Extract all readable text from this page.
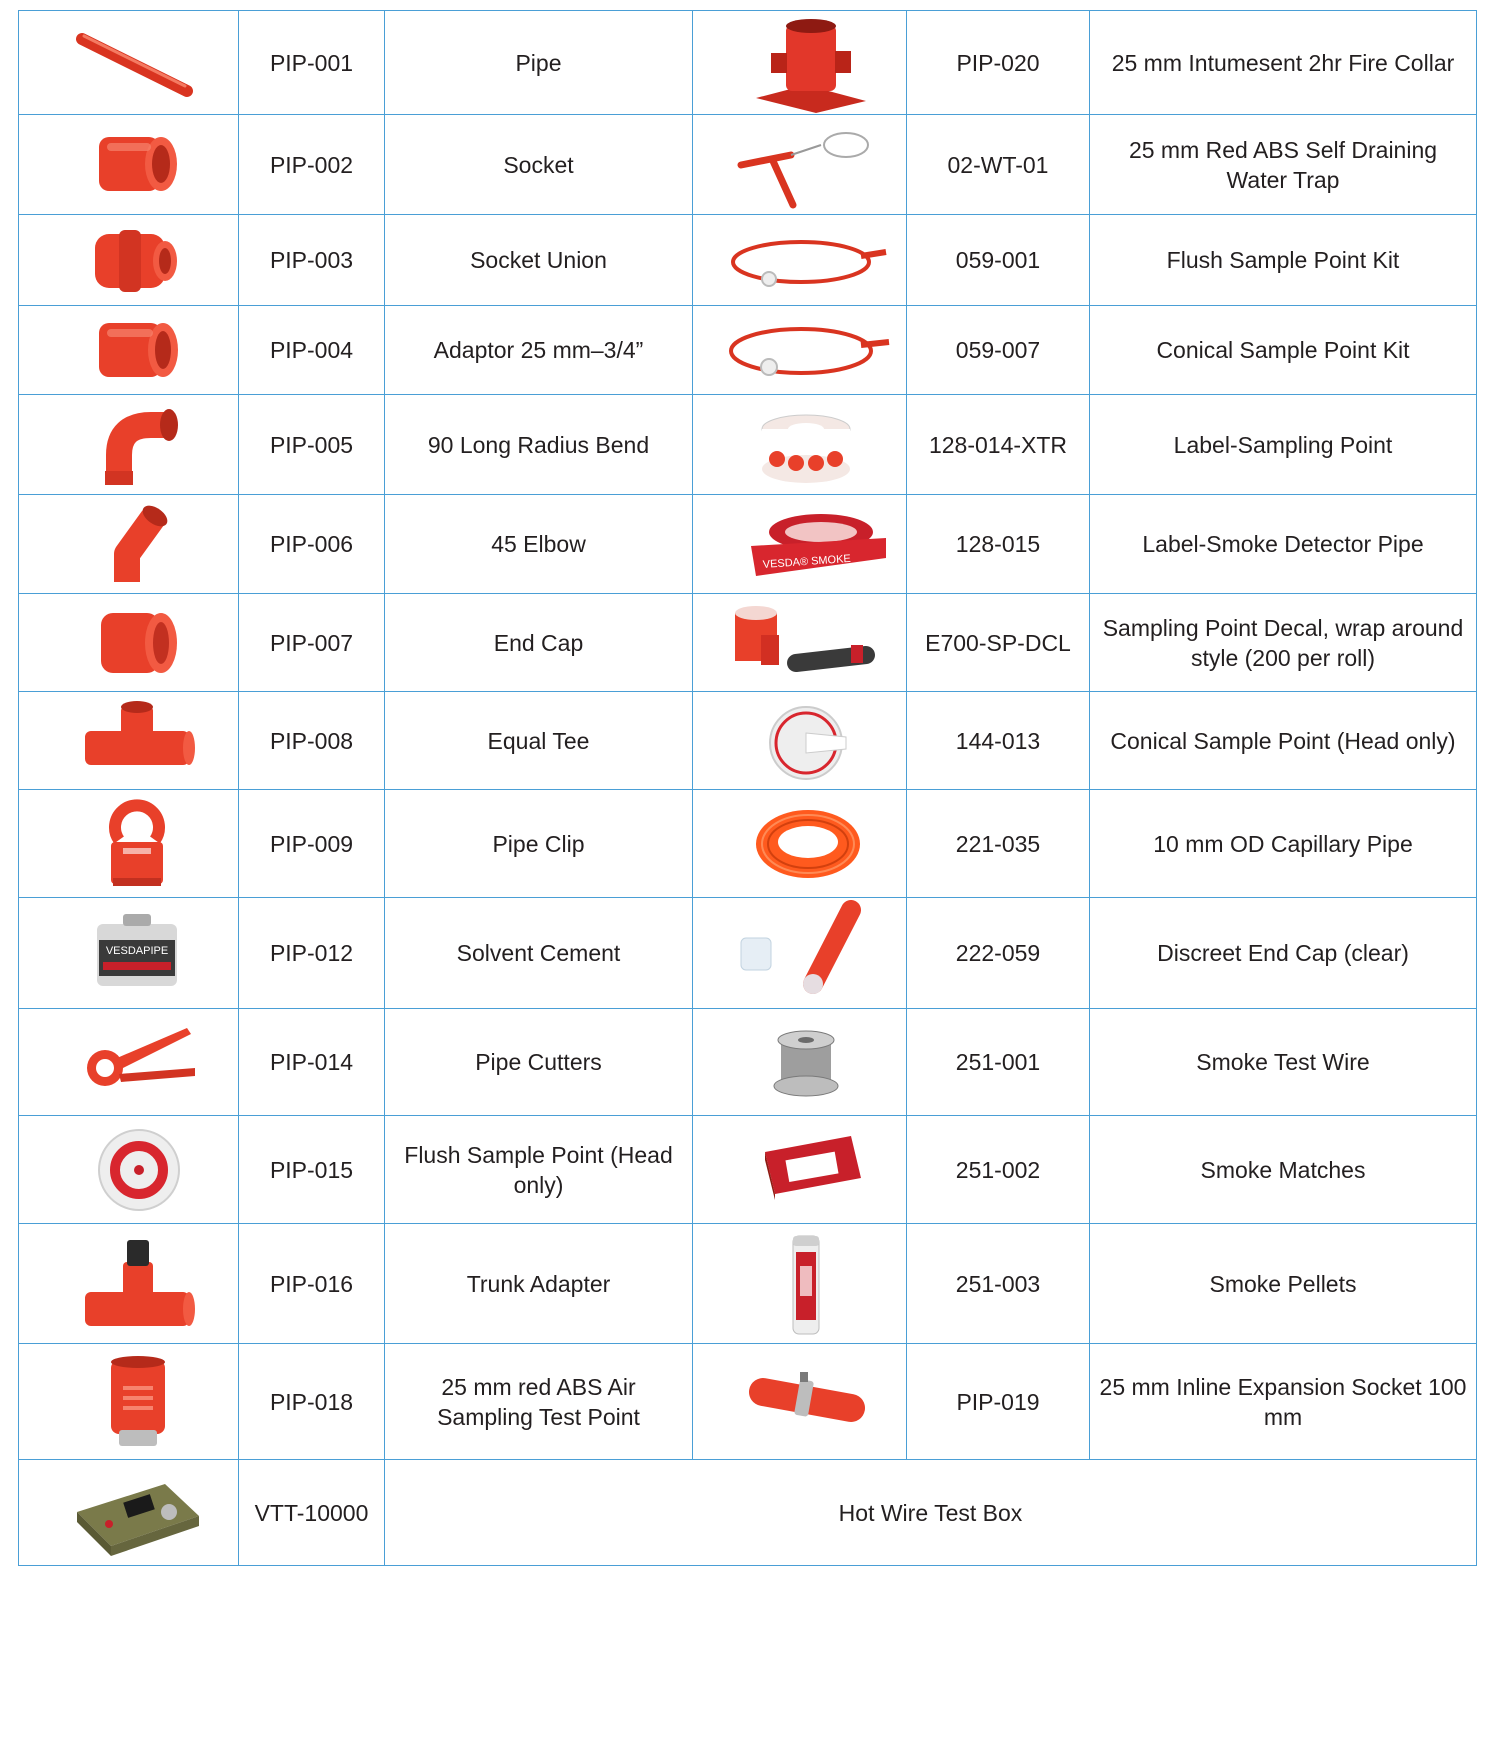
	PIP-001	Pipe		PIP-020	25 mm Intumesent 2hr Fire Collar

	PIP-002	Socket		02-WT-01	25 mm Red ABS Self Draining Water Trap

	PIP-003	Socket Union		059-001	Flush Sample Point Kit

	PIP-004	Adaptor 25 mm–3/4”		059-007	Conical Sample Point Kit

	PIP-005	90 Long Radius Bend		128-014-XTR	Label-Sampling Point

	PIP-006	45 Elbow	VESDA® SMOKE	128-015	Label-Smoke Detector Pipe

	PIP-007	End Cap		E700-SP-DCL	Sampling Point Decal, wrap around style (200 per roll)

	PIP-008	Equal Tee		144-013	Conical Sample Point (Head only)

	PIP-009	Pipe Clip		221-035	10 mm OD Capillary Pipe

VESDAPIPE	PIP-012	Solvent Cement		222-059	Discreet End Cap (clear)

	PIP-014	Pipe Cutters		251-001	Smoke Test Wire

	PIP-015	Flush Sample Point (Head only)		251-002	Smoke Matches

	PIP-016	Trunk Adapter		251-003	Smoke Pellets

	PIP-018	25 mm red ABS Air Sampling Test Point		PIP-019	25 mm Inline Expansion Socket 100 mm

	VTT-10000	Hot Wire Test Box			
